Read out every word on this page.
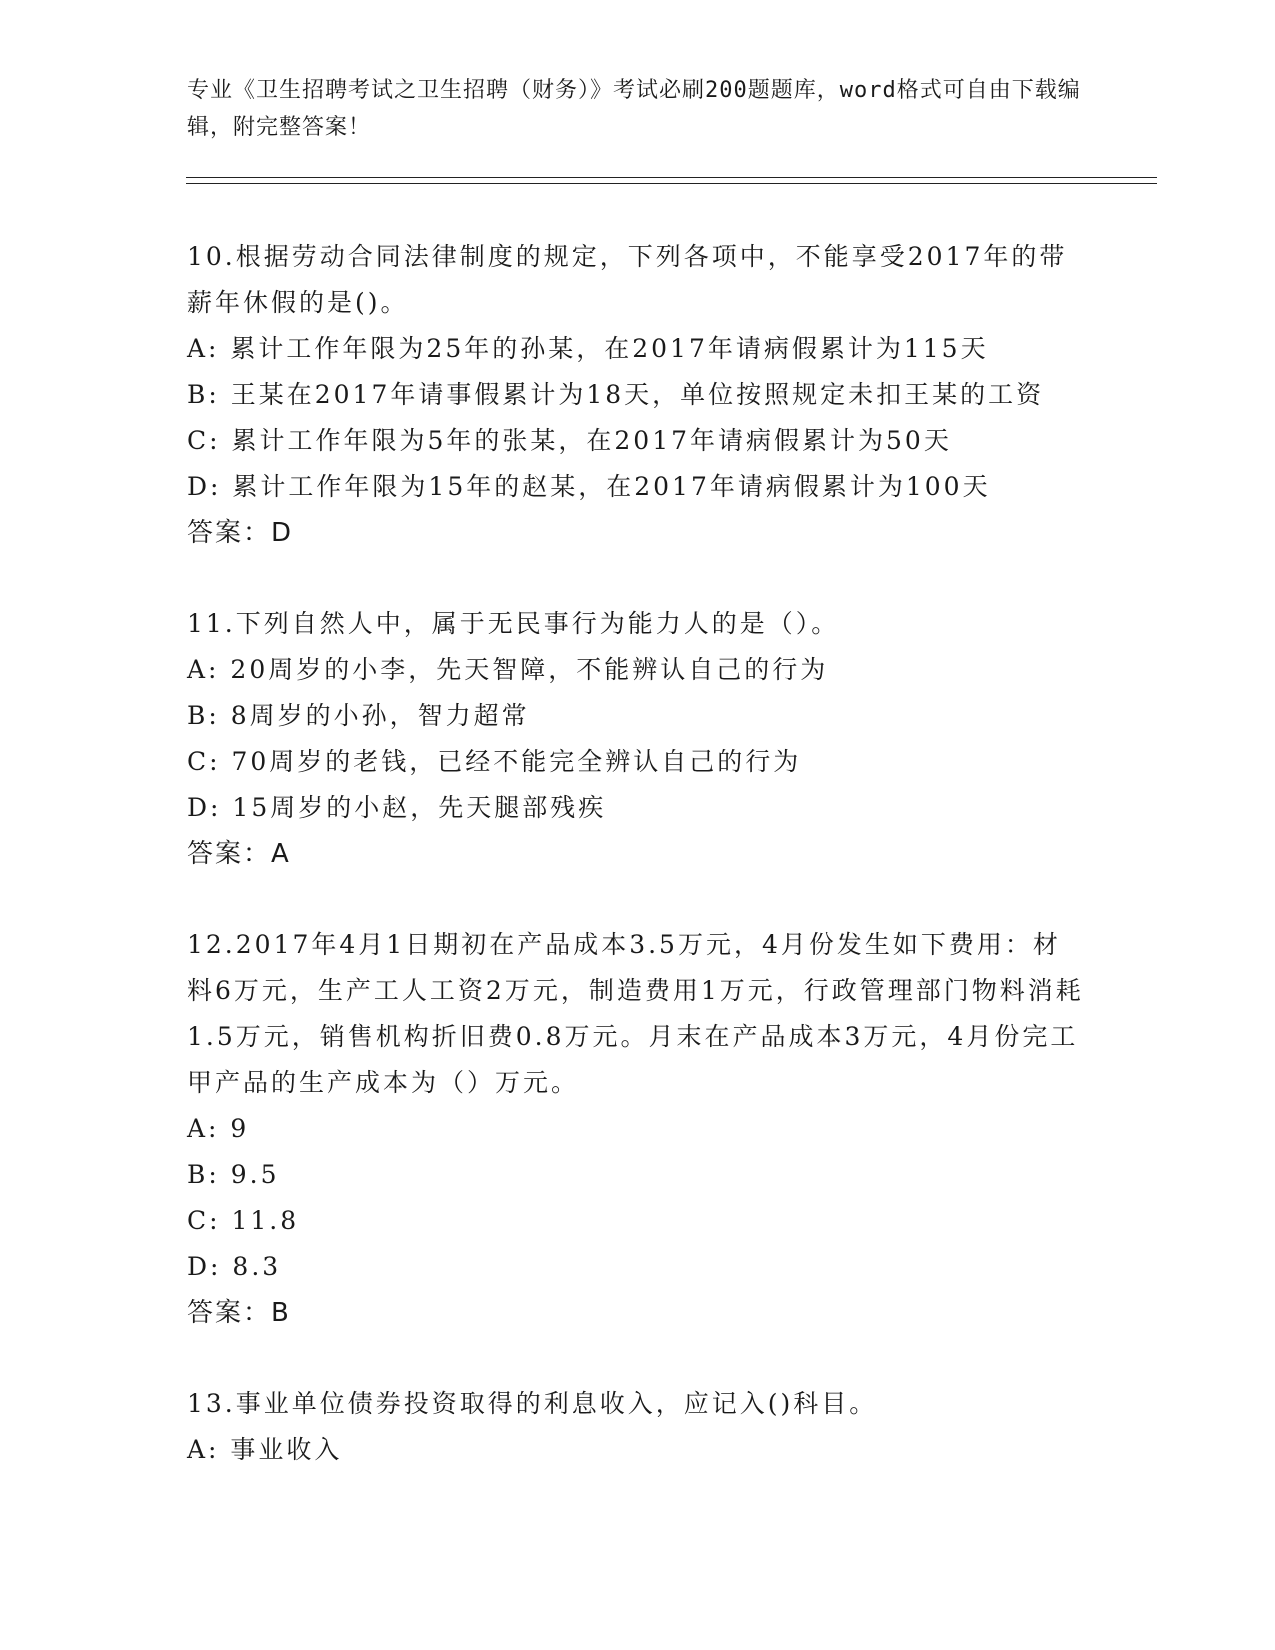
专业《卫生招聘考试之卫生招聘（财务）》考试必刷200题题库，word格式可自由下载编辑，附完整答案！

10.根据劳动合同法律制度的规定，下列各项中，不能享受2017年的带薪年休假的是()。

A: 累计工作年限为25年的孙某，在2017年请病假累计为115天

B: 王某在2017年请事假累计为18天，单位按照规定未扣王某的工资

C: 累计工作年限为5年的张某，在2017年请病假累计为50天

D: 累计工作年限为15年的赵某，在2017年请病假累计为100天

答案：D

11.下列自然人中，属于无民事行为能力人的是（）。

A: 20周岁的小李，先天智障，不能辨认自己的行为

B: 8周岁的小孙，智力超常

C: 70周岁的老钱，已经不能完全辨认自己的行为

D: 15周岁的小赵，先天腿部残疾

答案：A

12.2017年4月1日期初在产品成本3.5万元，4月份发生如下费用：材料6万元，生产工人工资2万元，制造费用1万元，行政管理部门物料消耗1.5万元，销售机构折旧费0.8万元。月末在产品成本3万元，4月份完工甲产品的生产成本为（）万元。

A: 9

B: 9.5

C: 11.8

D: 8.3

答案：B

13.事业单位债券投资取得的利息收入，应记入()科目。

A: 事业收入
